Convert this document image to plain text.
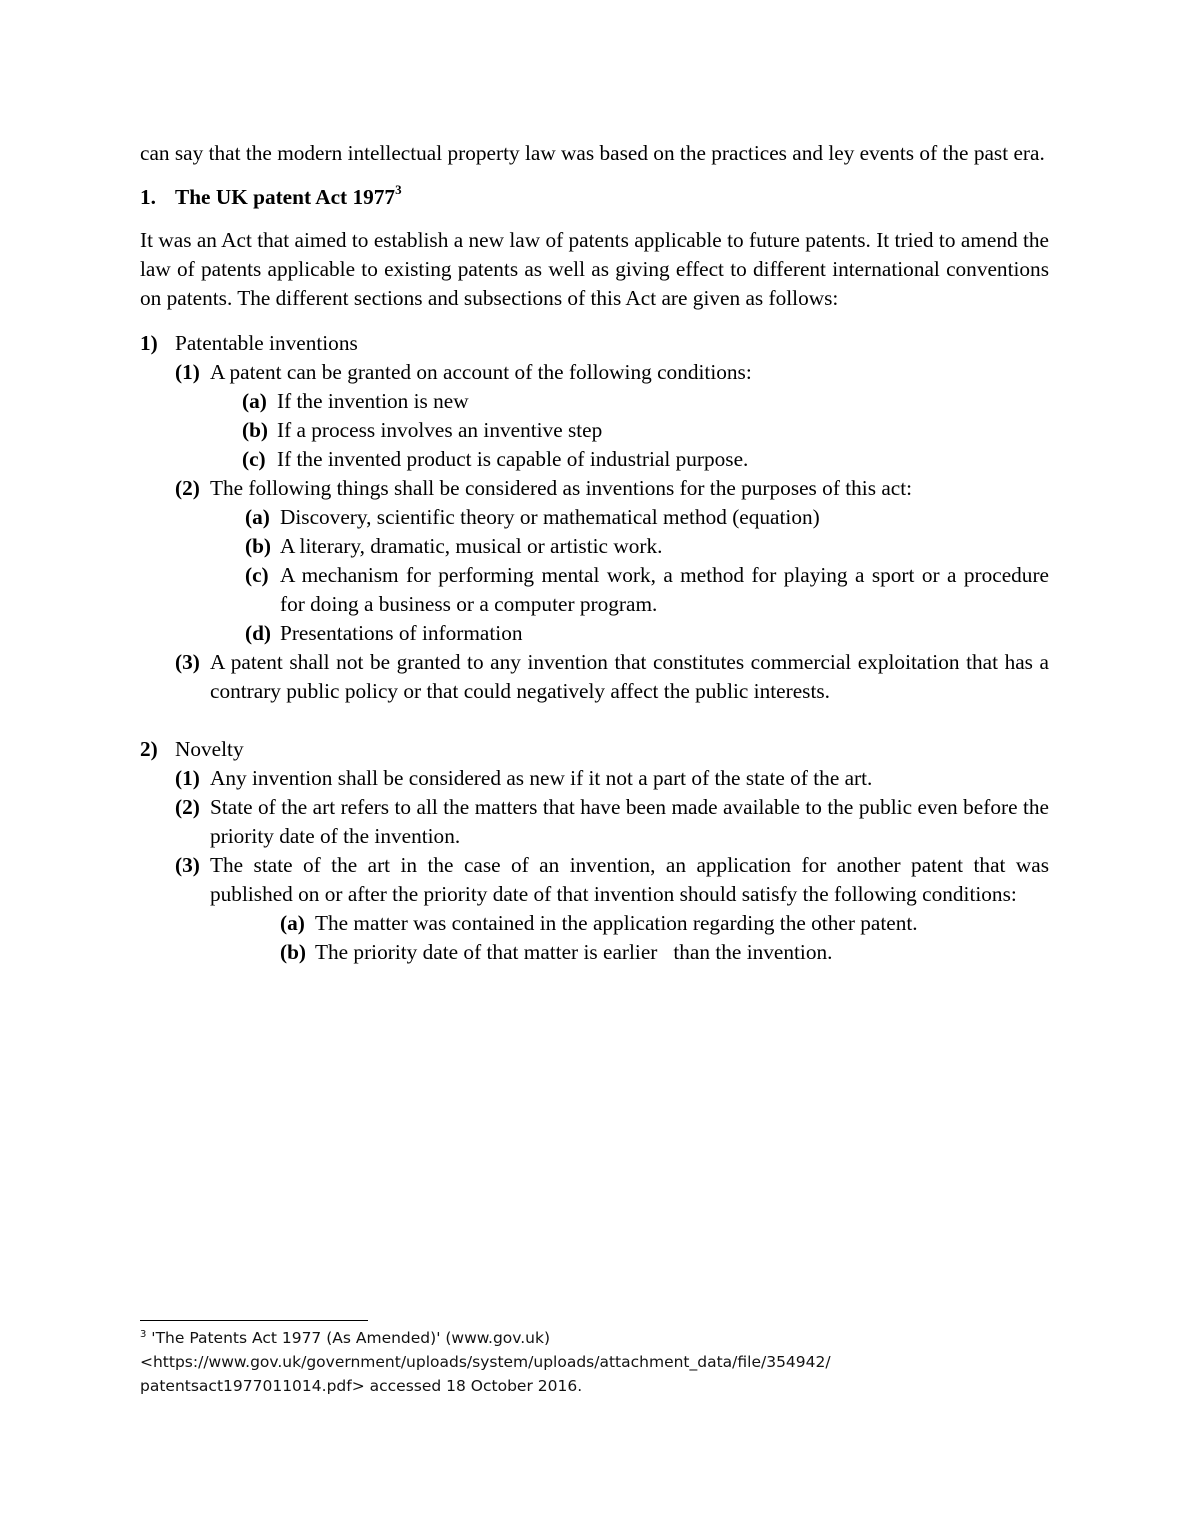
can say that the modern intellectual property law was based on the practices and ley events of the past era.

1. The UK patent Act 1977$^3$

It was an Act that aimed to establish a new law of patents applicable to future patents. It tried to amend the law of patents applicable to existing patents as well as giving effect to different international conventions on patents. The different sections and subsections of this Act are given as follows:

1) Patentable inventions
(1) A patent can be granted on account of the following conditions:
(a) If the invention is new
(b) If a process involves an inventive step
(c) If the invented product is capable of industrial purpose.
(2) The following things shall be considered as inventions for the purposes of this act:
(a) Discovery, scientific theory or mathematical method (equation)
(b) A literary, dramatic, musical or artistic work.
(c) A mechanism for performing mental work, a method for playing a sport or a procedure for doing a business or a computer program.
(d) Presentations of information
(3) A patent shall not be granted to any invention that constitutes commercial exploitation that has a contrary public policy or that could negatively affect the public interests.
2) Novelty
(1) Any invention shall be considered as new if it not a part of the state of the art.
(2) State of the art refers to all the matters that have been made available to the public even before the priority date of the invention.
(3) The state of the art in the case of an invention, an application for another patent that was published on or after the priority date of that invention should satisfy the following conditions:
(a) The matter was contained in the application regarding the other patent.
(b) The priority date of that matter is earlier   than the invention.
$^3$ 'The Patents Act 1977 (As Amended)' (www.gov.uk)
<https://www.gov.uk/government/uploads/system/uploads/attachment_data/file/354942/
patentsact1977011014.pdf> accessed 18 October 2016.
